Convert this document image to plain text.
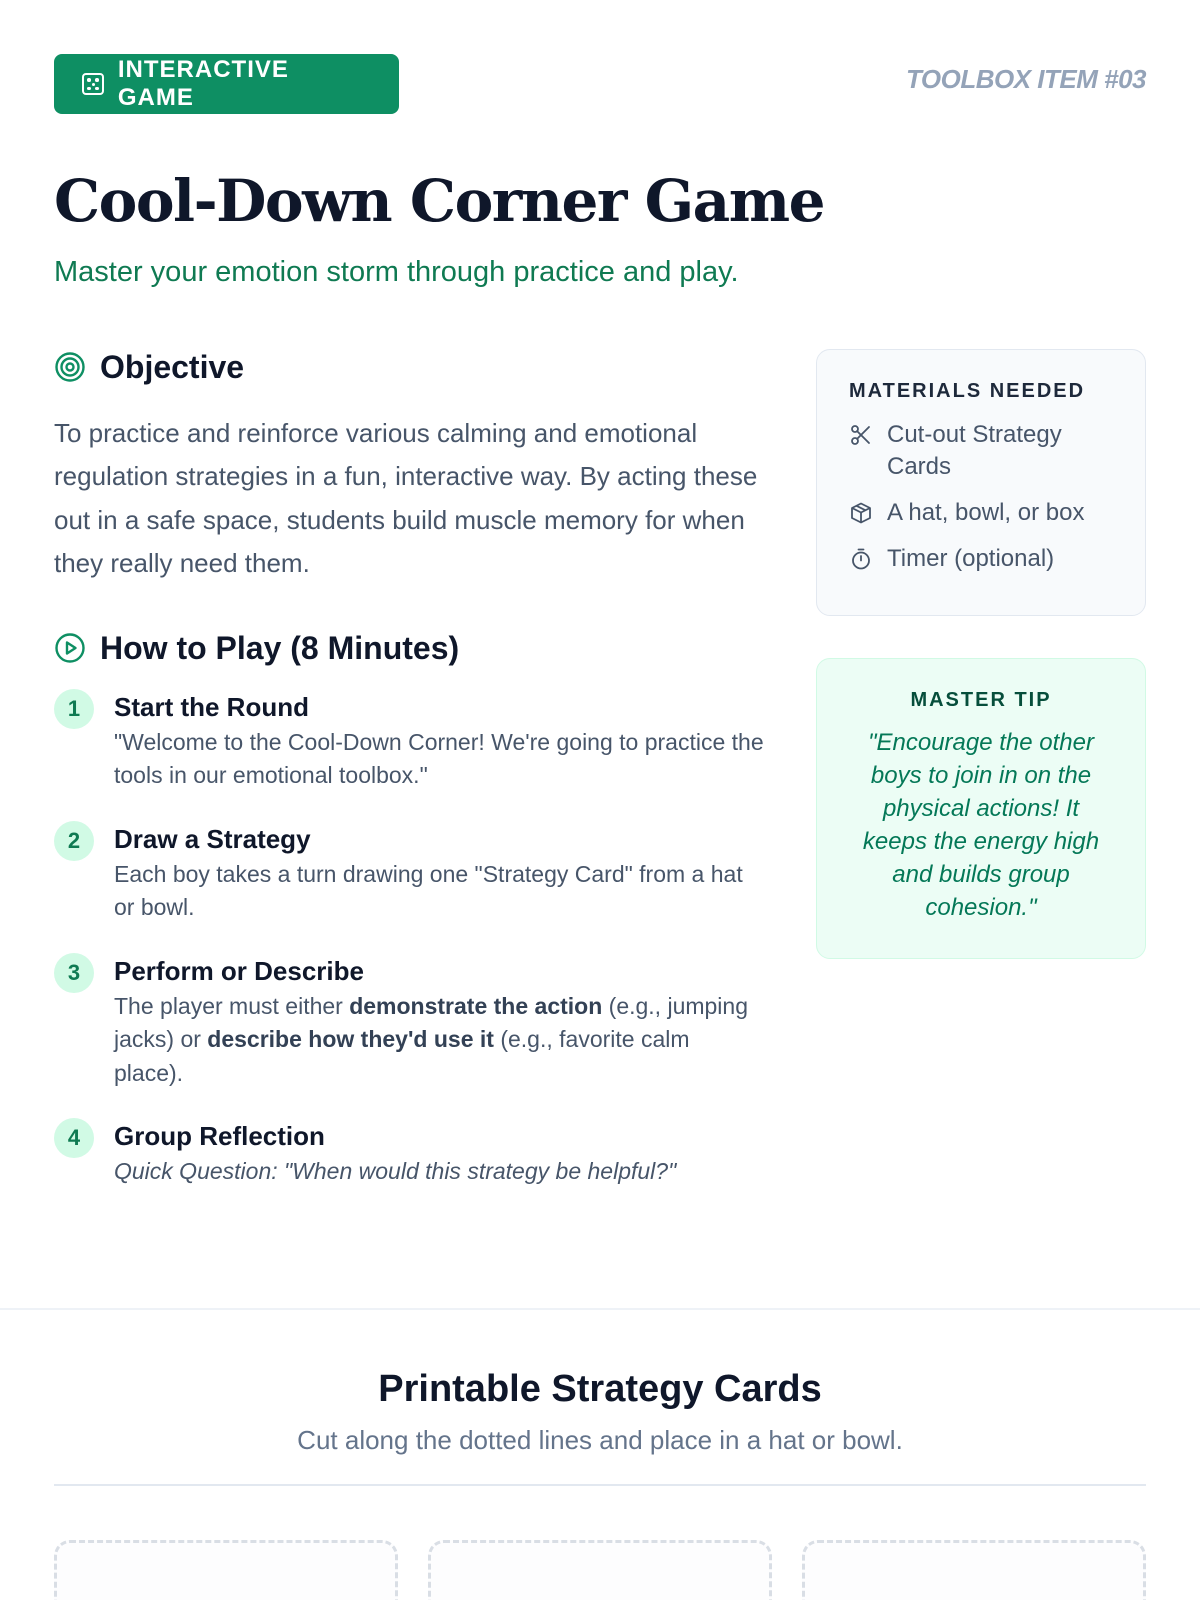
INTERACTIVE GAME
TOOLBOX ITEM #03
Cool-Down Corner Game
Master your emotion storm through practice and play.
Objective

To practice and reinforce various calming and emotional regulation strategies in a fun, interactive way. By acting these out in a safe space, students build muscle memory for when they really need them.

How to Play (8 Minutes)
1	Start the Round
"Welcome to the Cool-Down Corner! We're going to practice the tools in our emotional toolbox."
2	Draw a Strategy
Each boy takes a turn drawing one "Strategy Card" from a hat or bowl.
3	Perform or Describe
The player must either demonstrate the action (e.g., jumping jacks) or describe how they'd use it (e.g., favorite calm place).
4	Group Reflection
Quick Question: "When would this strategy be helpful?"
MATERIALS NEEDED
Cut-out Strategy Cards
A hat, bowl, or box
Timer (optional)
MASTER TIP

"Encourage the other boys to join in on the physical actions! It keeps the energy high and builds group cohesion."

Printable Strategy Cards

Cut along the dotted lines and place in a hat or bowl.
